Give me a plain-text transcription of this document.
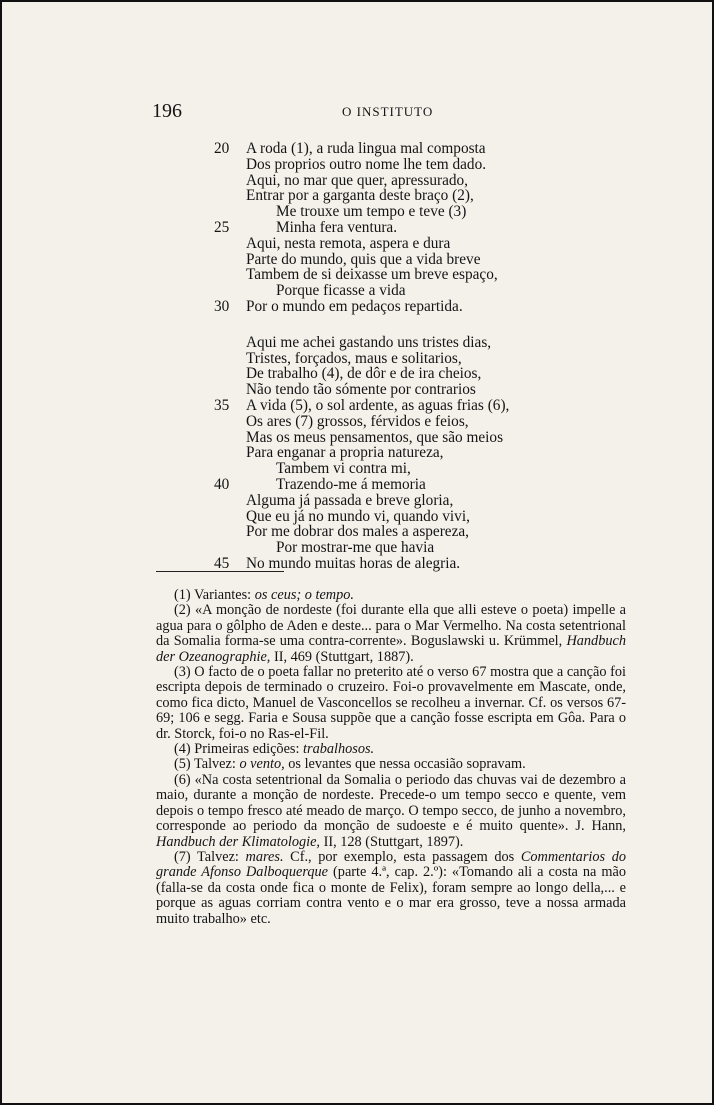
196	O INSTITUTO
20	A roda (1), a ruda lingua mal composta
Dos proprios outro nome lhe tem dado.
Aqui, no mar que quer, apressurado,
Entrar por a garganta deste braço (2),
Me trouxe um tempo e teve (3)
25	Minha fera ventura.
Aqui, nesta remota, aspera e dura
Parte do mundo, quis que a vida breve
Tambem de si deixasse um breve espaço,
Porque ficasse a vida
30	Por o mundo em pedaços repartida.
Aqui me achei gastando uns tristes dias,
Tristes, forçados, maus e solitarios,
De trabalho (4), de dôr e de ira cheios,
Não tendo tão sómente por contrarios
35	A vida (5), o sol ardente, as aguas frias (6),
Os ares (7) grossos, férvidos e feios,
Mas os meus pensamentos, que são meios
Para enganar a propria natureza,
Tambem vi contra mi,
40	Trazendo-me á memoria
Alguma já passada e breve gloria,
Que eu já no mundo vi, quando vivi,
Por me dobrar dos males a aspereza,
Por mostrar-me que havia
45	No mundo muitas horas de alegria.

(1) Variantes: os ceus; o tempo.

(2) «A monção de nordeste (foi durante ella que alli esteve o poeta) impelle a agua para o gôlpho de Aden e deste... para o Mar Vermelho. Na costa setentrional da Somalia forma-se uma contra-corrente». Boguslawski u. Krümmel, Handbuch der Ozeanographie, II, 469 (Stuttgart, 1887).

(3) O facto de o poeta fallar no preterito até o verso 67 mostra que a canção foi escripta depois de terminado o cruzeiro. Foi-o provavelmente em Mascate, onde, como fica dicto, Manuel de Vasconcellos se recolheu a invernar. Cf. os versos 67-69; 106 e segg. Faria e Sousa suppõe que a canção fosse escripta em Gôa. Para o dr. Storck, foi-o no Ras-el-Fil.

(4) Primeiras edições: trabalhosos.

(5) Talvez: o vento, os levantes que nessa occasião sopravam.

(6) «Na costa setentrional da Somalia o periodo das chuvas vai de dezembro a maio, durante a monção de nordeste. Precede-o um tempo secco e quente, vem depois o tempo fresco até meado de março. O tempo secco, de junho a novembro, corresponde ao periodo da monção de sudoeste e é muito quente». J. Hann, Handbuch der Klimatologie, II, 128 (Stuttgart, 1897).

(7) Talvez: mares. Cf., por exemplo, esta passagem dos Commentarios do grande Afonso Dalboquerque (parte 4.ª, cap. 2.º): «Tomando ali a costa na mão (falla-se da costa onde fica o monte de Felix), foram sempre ao longo della,... e porque as aguas corriam contra vento e o mar era grosso, teve a nossa armada muito trabalho» etc.
